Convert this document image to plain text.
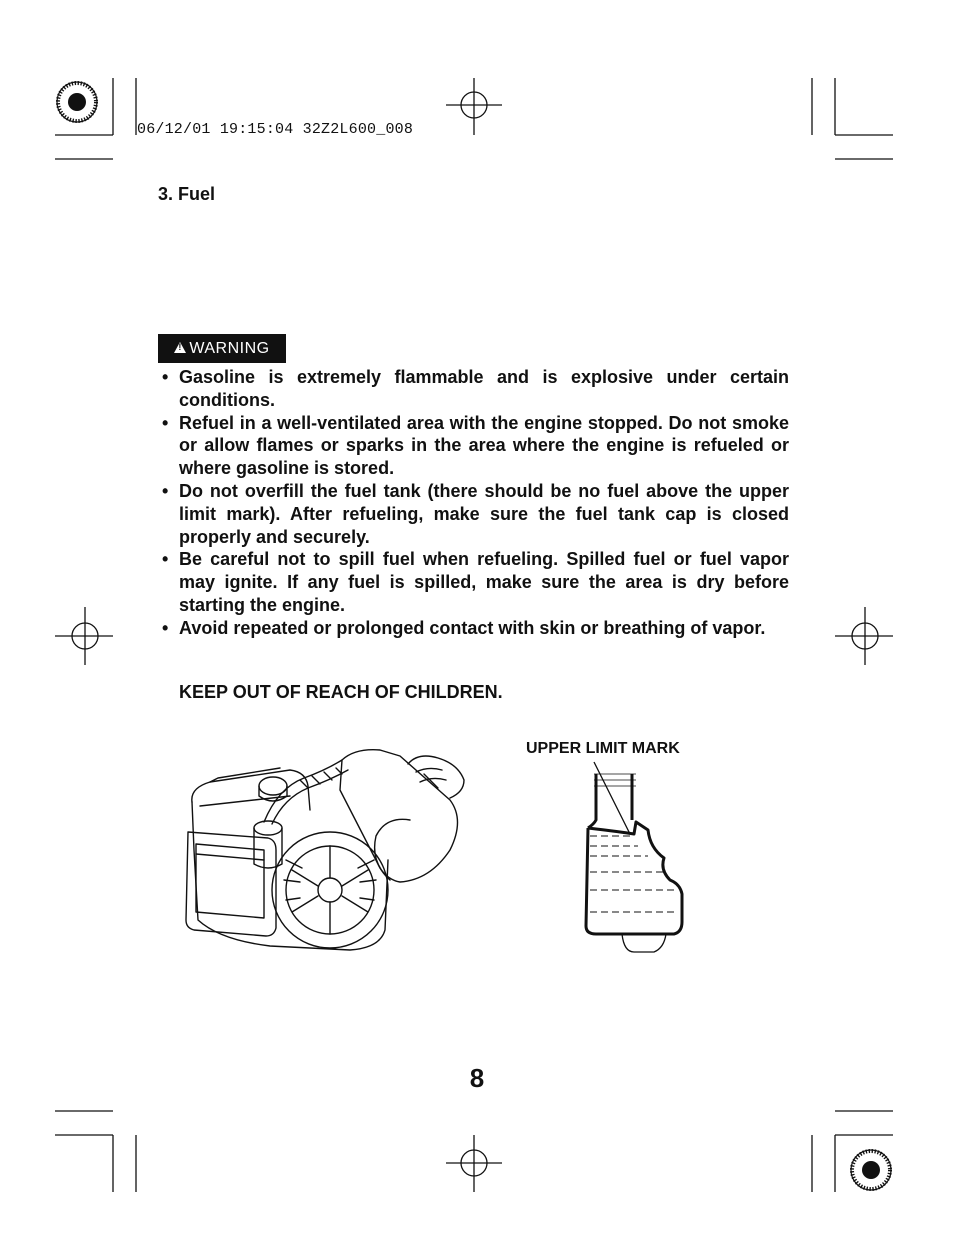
06/12/01 19:15:04 32Z2L600_008
3. Fuel
!
WARNING
• Gasoline is extremely flammable and is explosive under certain conditions.
• Refuel in a well-ventilated area with the engine stopped. Do not smoke or allow flames or sparks in the area where the engine is refueled or where gasoline is stored.
• Do not overfill the fuel tank (there should be no fuel above the upper limit mark). After refueling, make sure the fuel tank cap is closed properly and securely.
• Be careful not to spill fuel when refueling. Spilled fuel or fuel vapor may ignite. If any fuel is spilled, make sure the area is dry before starting the engine.
• Avoid repeated or prolonged contact with skin or breathing of vapor.
KEEP OUT OF REACH OF CHILDREN.
UPPER LIMIT MARK
8
